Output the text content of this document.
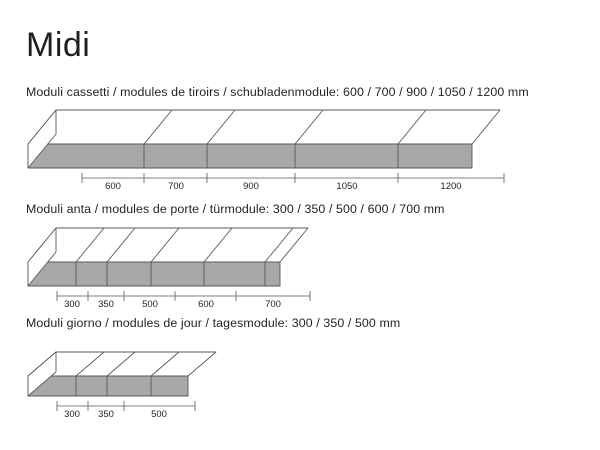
Midi
Moduli cassetti / modules de tiroirs / schubladenmodule: 600 / 700 / 900 / 1050 / 1200 mm
600	700	900	1050	1200
Moduli anta / modules de porte / türmodule: 300 / 350 / 500 / 600 / 700 mm
300 350	500	600	700
Moduli giorno / modules de jour / tagesmodule: 300 / 350 / 500 mm
300 350	500
